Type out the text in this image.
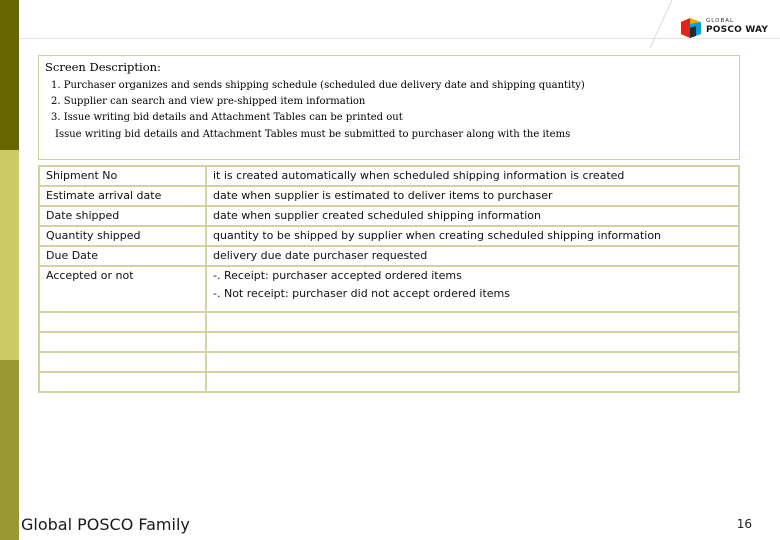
GLOBAL
POSCO WAY
Screen Description:
1. Purchaser organizes and sends shipping schedule (scheduled due delivery date and shipping quantity)
2. Supplier can search and view pre-shipped item information
3. Issue writing bid details and Attachment Tables can be printed out
Issue writing bid details and Attachment Tables must be submitted to purchaser along with the items
Shipment No	it is created automatically when scheduled shipping information is created
Estimate arrival date	date when supplier is estimated to deliver items to purchaser
Date shipped	date when supplier created scheduled shipping information
Quantity shipped	quantity to be shipped by supplier when creating scheduled shipping information
Due Date	delivery due date purchaser requested
Accepted or not	-. Receipt: purchaser accepted ordered items
-. Not receipt: purchaser did not accept ordered items

Global POSCO Family	16
